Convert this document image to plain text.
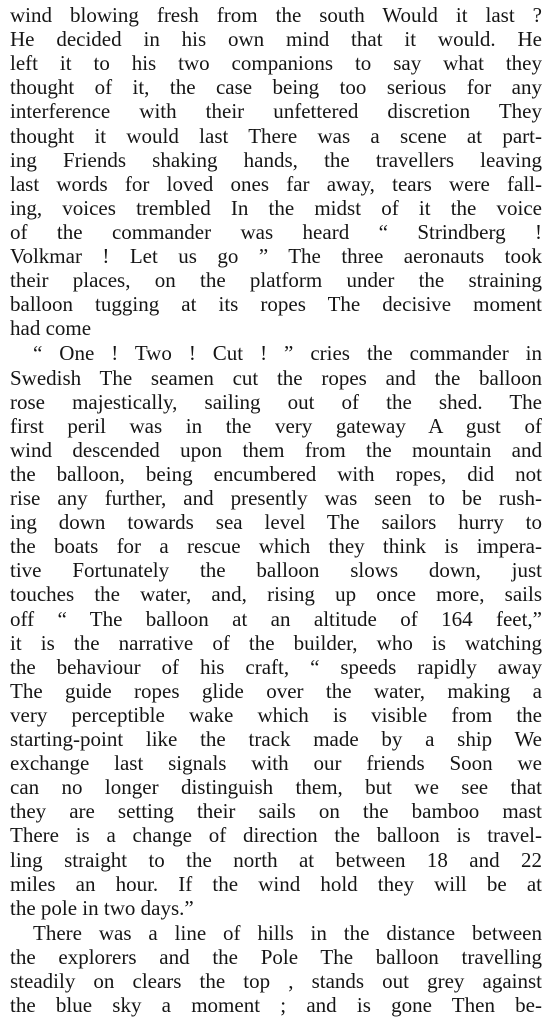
wind blowing fresh from the south Would it last ?
He decided in his own mind that it would. He
left it to his two companions to say what they
thought of it, the case being too serious for any
interference with their unfettered discretion They
thought it would last There was a scene at part-
ing Friends shaking hands, the travellers leaving
last words for loved ones far away, tears were fall-
ing, voices trembled In the midst of it the voice
of the commander was heard “ Strindberg !
Volkmar ! Let us go ” The three aeronauts took
their places, on the platform under the straining
balloon tugging at its ropes The decisive moment
had come
“ One ! Two ! Cut ! ” cries the commander in
Swedish The seamen cut the ropes and the balloon
rose majestically, sailing out of the shed. The
first peril was in the very gateway A gust of
wind descended upon them from the mountain and
the balloon, being encumbered with ropes, did not
rise any further, and presently was seen to be rush-
ing down towards sea level The sailors hurry to
the boats for a rescue which they think is impera-
tive Fortunately the balloon slows down, just
touches the water, and, rising up once more, sails
off “ The balloon at an altitude of 164 feet,”
it is the narrative of the builder, who is watching
the behaviour of his craft, “ speeds rapidly away
The guide ropes glide over the water, making a
very perceptible wake which is visible from the
starting-point like the track made by a ship We
exchange last signals with our friends Soon we
can no longer distinguish them, but we see that
they are setting their sails on the bamboo mast
There is a change of direction the balloon is travel-
ling straight to the north at between 18 and 22
miles an hour. If the wind hold they will be at
the pole in two days.”
There was a line of hills in the distance between
the explorers and the Pole The balloon travelling
steadily on clears the top , stands out grey against
the blue sky a moment ; and is gone Then be-
